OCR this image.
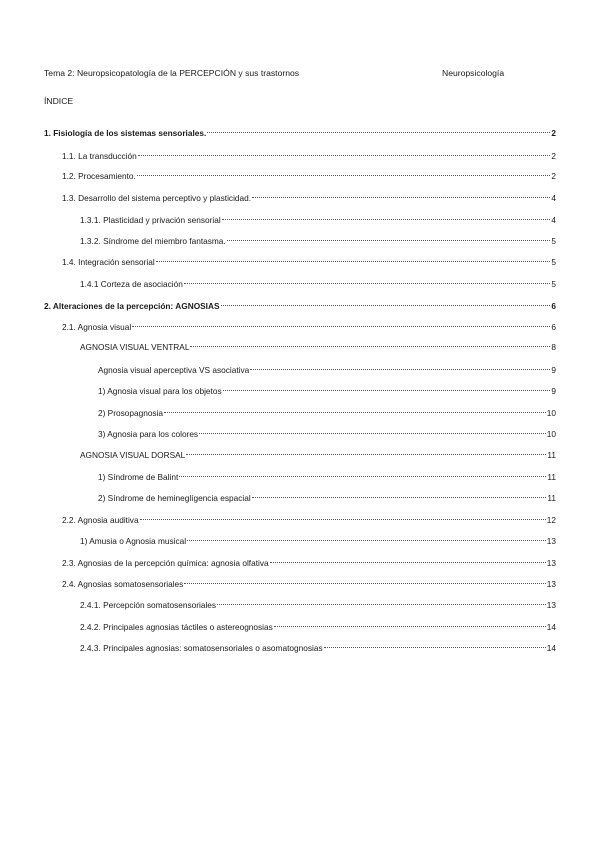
Tema 2: Neuropsicopatología de la PERCEPCIÓN y sus trastornos	Neuropsicología
ÍNDICE
1. Fisiología de los sistemas sensoriales.	2
1.1. La transducción	2
1.2. Procesamiento.	2
1.3. Desarrollo del sistema perceptivo y plasticidad.	4
1.3.1. Plasticidad y privación sensorial	4
1.3.2. Síndrome del miembro fantasma.	5
1.4. Integración sensorial	5
1.4.1 Corteza de asociación	5
2. Alteraciones de la percepción: AGNOSIAS	6
2.1. Agnosia visual	6
AGNOSIA VISUAL VENTRAL	8
Agnosia visual aperceptiva VS asociativa	9
1) Agnosia visual para los objetos	9
2) Prosopagnosia	10
3) Agnosia para los colores	10
AGNOSIA VISUAL DORSAL	11
1) Síndrome de Balint	11
2) Síndrome de hemineglígencia espacial	11
2.2. Agnosia auditiva	12
1) Amusia o Agnosia musical	13
2.3. Agnosias de la percepción química: agnosia olfativa	13
2.4. Agnosias somatosensoriales	13
2.4.1. Percepción somatosensoriales	13
2.4.2. Principales agnosias táctiles o astereognosias	14
2.4.3. Principales agnosias: somatosensoriales o asomatognosias	14
